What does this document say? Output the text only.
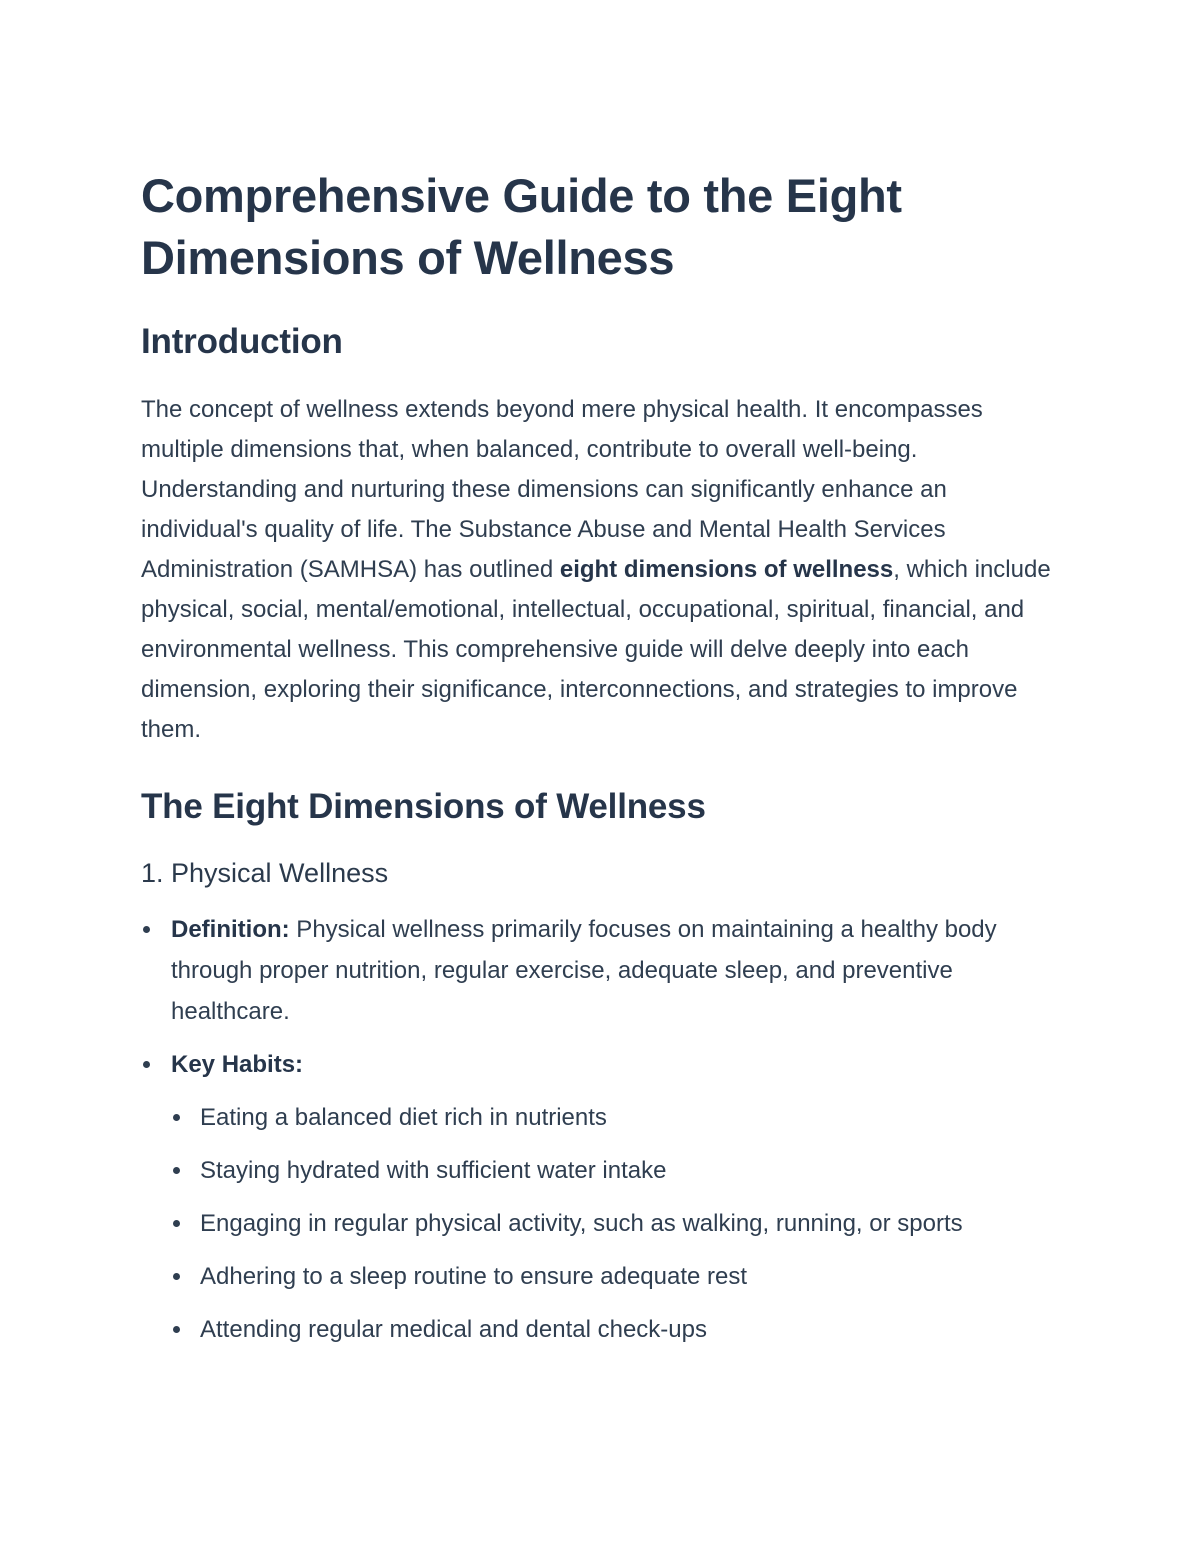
Comprehensive Guide to the Eight Dimensions of Wellness
Introduction

The concept of wellness extends beyond mere physical health. It encompasses multiple dimensions that, when balanced, contribute to overall well-being. Understanding and nurturing these dimensions can significantly enhance an individual's quality of life. The Substance Abuse and Mental Health Services Administration (SAMHSA) has outlined eight dimensions of wellness, which include physical, social, mental/emotional, intellectual, occupational, spiritual, financial, and environmental wellness. This comprehensive guide will delve deeply into each dimension, exploring their significance, interconnections, and strategies to improve them.

The Eight Dimensions of Wellness
1. Physical Wellness
Definition: Physical wellness primarily focuses on maintaining a healthy body through proper nutrition, regular exercise, adequate sleep, and preventive healthcare.
Key Habits:
Eating a balanced diet rich in nutrients
Staying hydrated with sufficient water intake
Engaging in regular physical activity, such as walking, running, or sports
Adhering to a sleep routine to ensure adequate rest
Attending regular medical and dental check-ups
